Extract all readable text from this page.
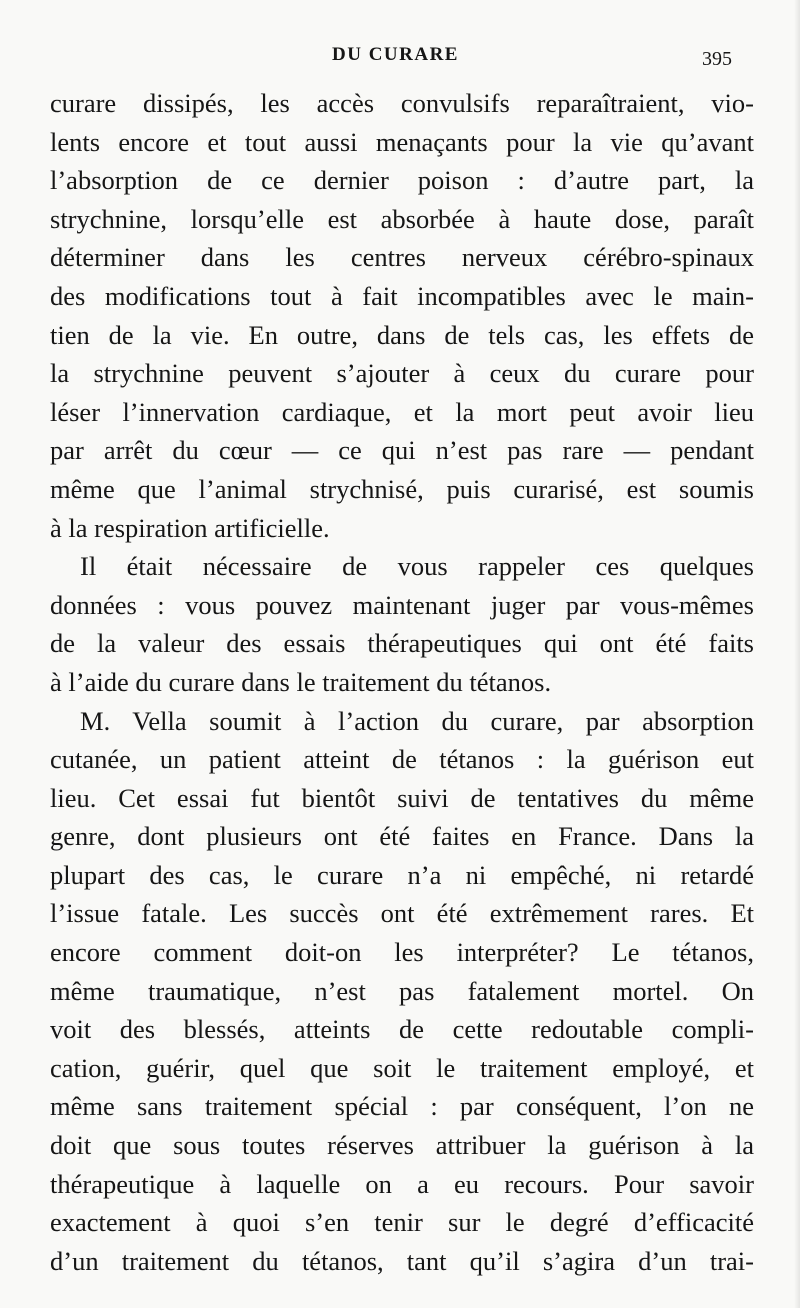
DU CURARE	395
curare dissipés, les accès convulsifs reparaîtraient, vio-
lents encore et tout aussi menaçants pour la vie qu’avant
l’absorption de ce dernier poison : d’autre part, la
strychnine, lorsqu’elle est absorbée à haute dose, paraît
déterminer dans les centres nerveux cérébro-spinaux
des modifications tout à fait incompatibles avec le main-
tien de la vie. En outre, dans de tels cas, les effets de
la strychnine peuvent s’ajouter à ceux du curare pour
léser l’innervation cardiaque, et la mort peut avoir lieu
par arrêt du cœur — ce qui n’est pas rare — pendant
même que l’animal strychnisé, puis curarisé, est soumis
à la respiration artificielle.
Il était nécessaire de vous rappeler ces quelques
données : vous pouvez maintenant juger par vous-mêmes
de la valeur des essais thérapeutiques qui ont été faits
à l’aide du curare dans le traitement du tétanos.
M. Vella soumit à l’action du curare, par absorption
cutanée, un patient atteint de tétanos : la guérison eut
lieu. Cet essai fut bientôt suivi de tentatives du même
genre, dont plusieurs ont été faites en France. Dans la
plupart des cas, le curare n’a ni empêché, ni retardé
l’issue fatale. Les succès ont été extrêmement rares. Et
encore comment doit-on les interpréter? Le tétanos,
même traumatique, n’est pas fatalement mortel. On
voit des blessés, atteints de cette redoutable compli-
cation, guérir, quel que soit le traitement employé, et
même sans traitement spécial : par conséquent, l’on ne
doit que sous toutes réserves attribuer la guérison à la
thérapeutique à laquelle on a eu recours. Pour savoir
exactement à quoi s’en tenir sur le degré d’efficacité
d’un traitement du tétanos, tant qu’il s’agira d’un trai-
